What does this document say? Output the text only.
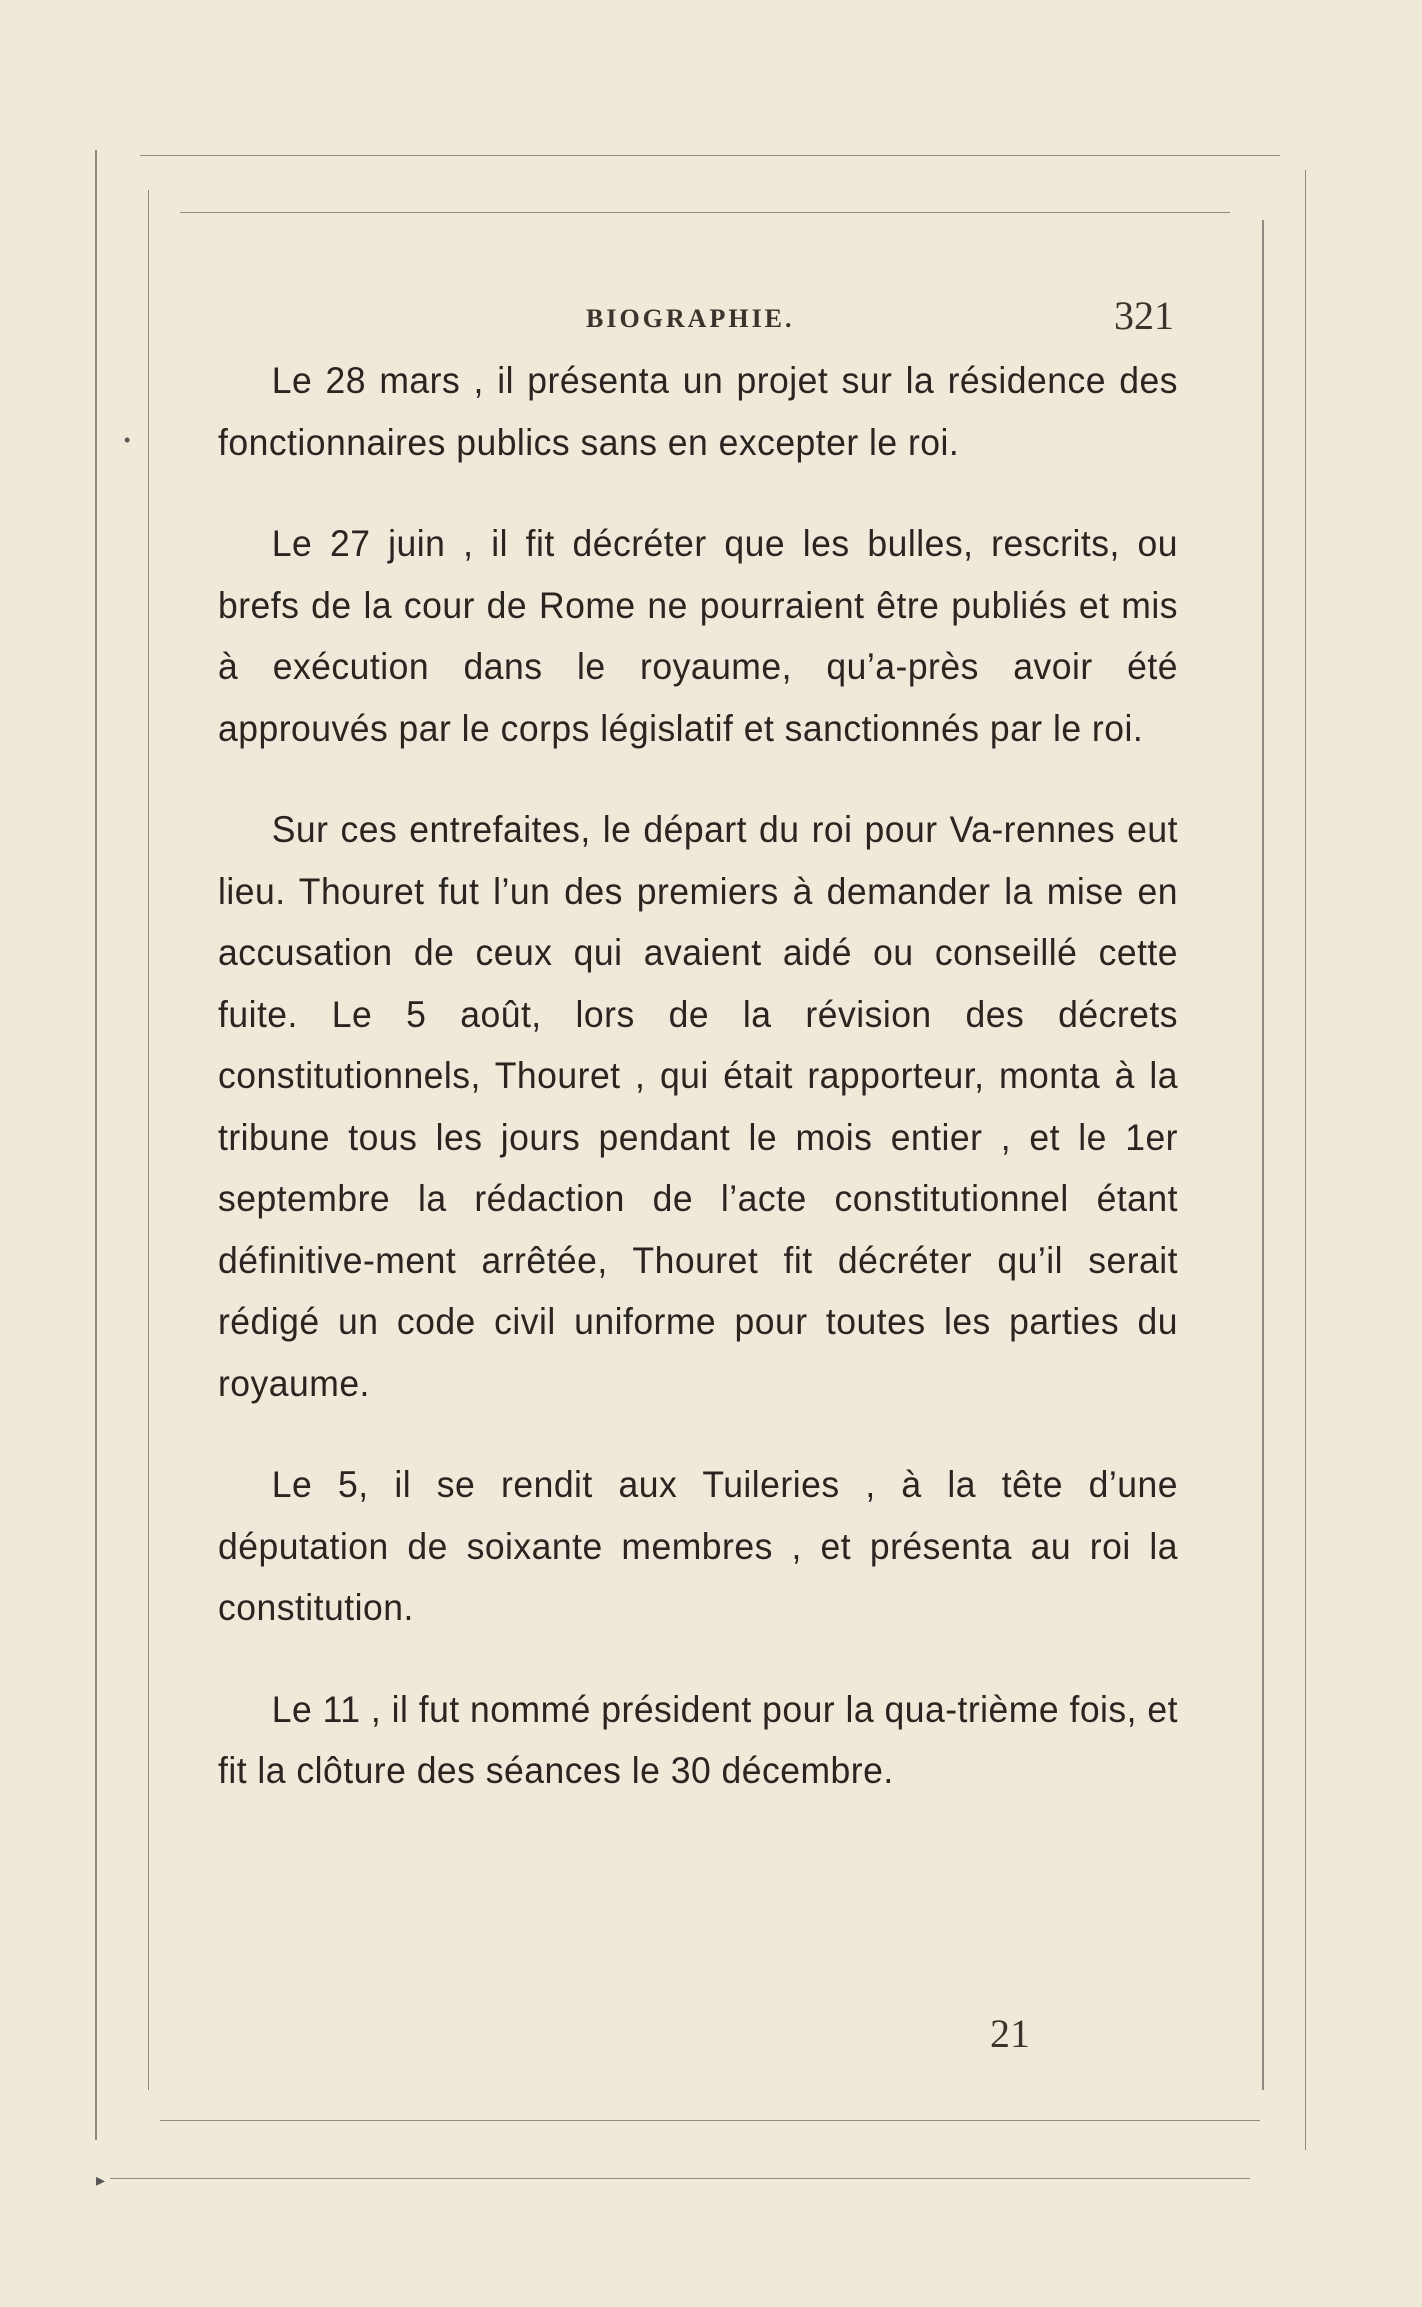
•
▸
BIOGRAPHIE.	321

Le 28 mars , il présenta un projet sur la résidence des fonctionnaires publics sans en excepter le roi.

Le 27 juin , il fit décréter que les bulles, rescrits, ou brefs de la cour de Rome ne pourraient être publiés et mis à exécution dans le royaume, qu’a-près avoir été approuvés par le corps législatif et sanctionnés par le roi.

Sur ces entrefaites, le départ du roi pour Va-rennes eut lieu. Thouret fut l’un des premiers à demander la mise en accusation de ceux qui avaient aidé ou conseillé cette fuite. Le 5 août, lors de la révision des décrets constitutionnels, Thouret , qui était rapporteur, monta à la tribune tous les jours pendant le mois entier , et le 1er septembre la rédaction de l’acte constitutionnel étant définitive-ment arrêtée, Thouret fit décréter qu’il serait rédigé un code civil uniforme pour toutes les parties du royaume.

Le 5, il se rendit aux Tuileries , à la tête d’une députation de soixante membres , et présenta au roi la constitution.

Le 11 , il fut nommé président pour la qua-trième fois, et fit la clôture des séances le 30 décembre.

21
